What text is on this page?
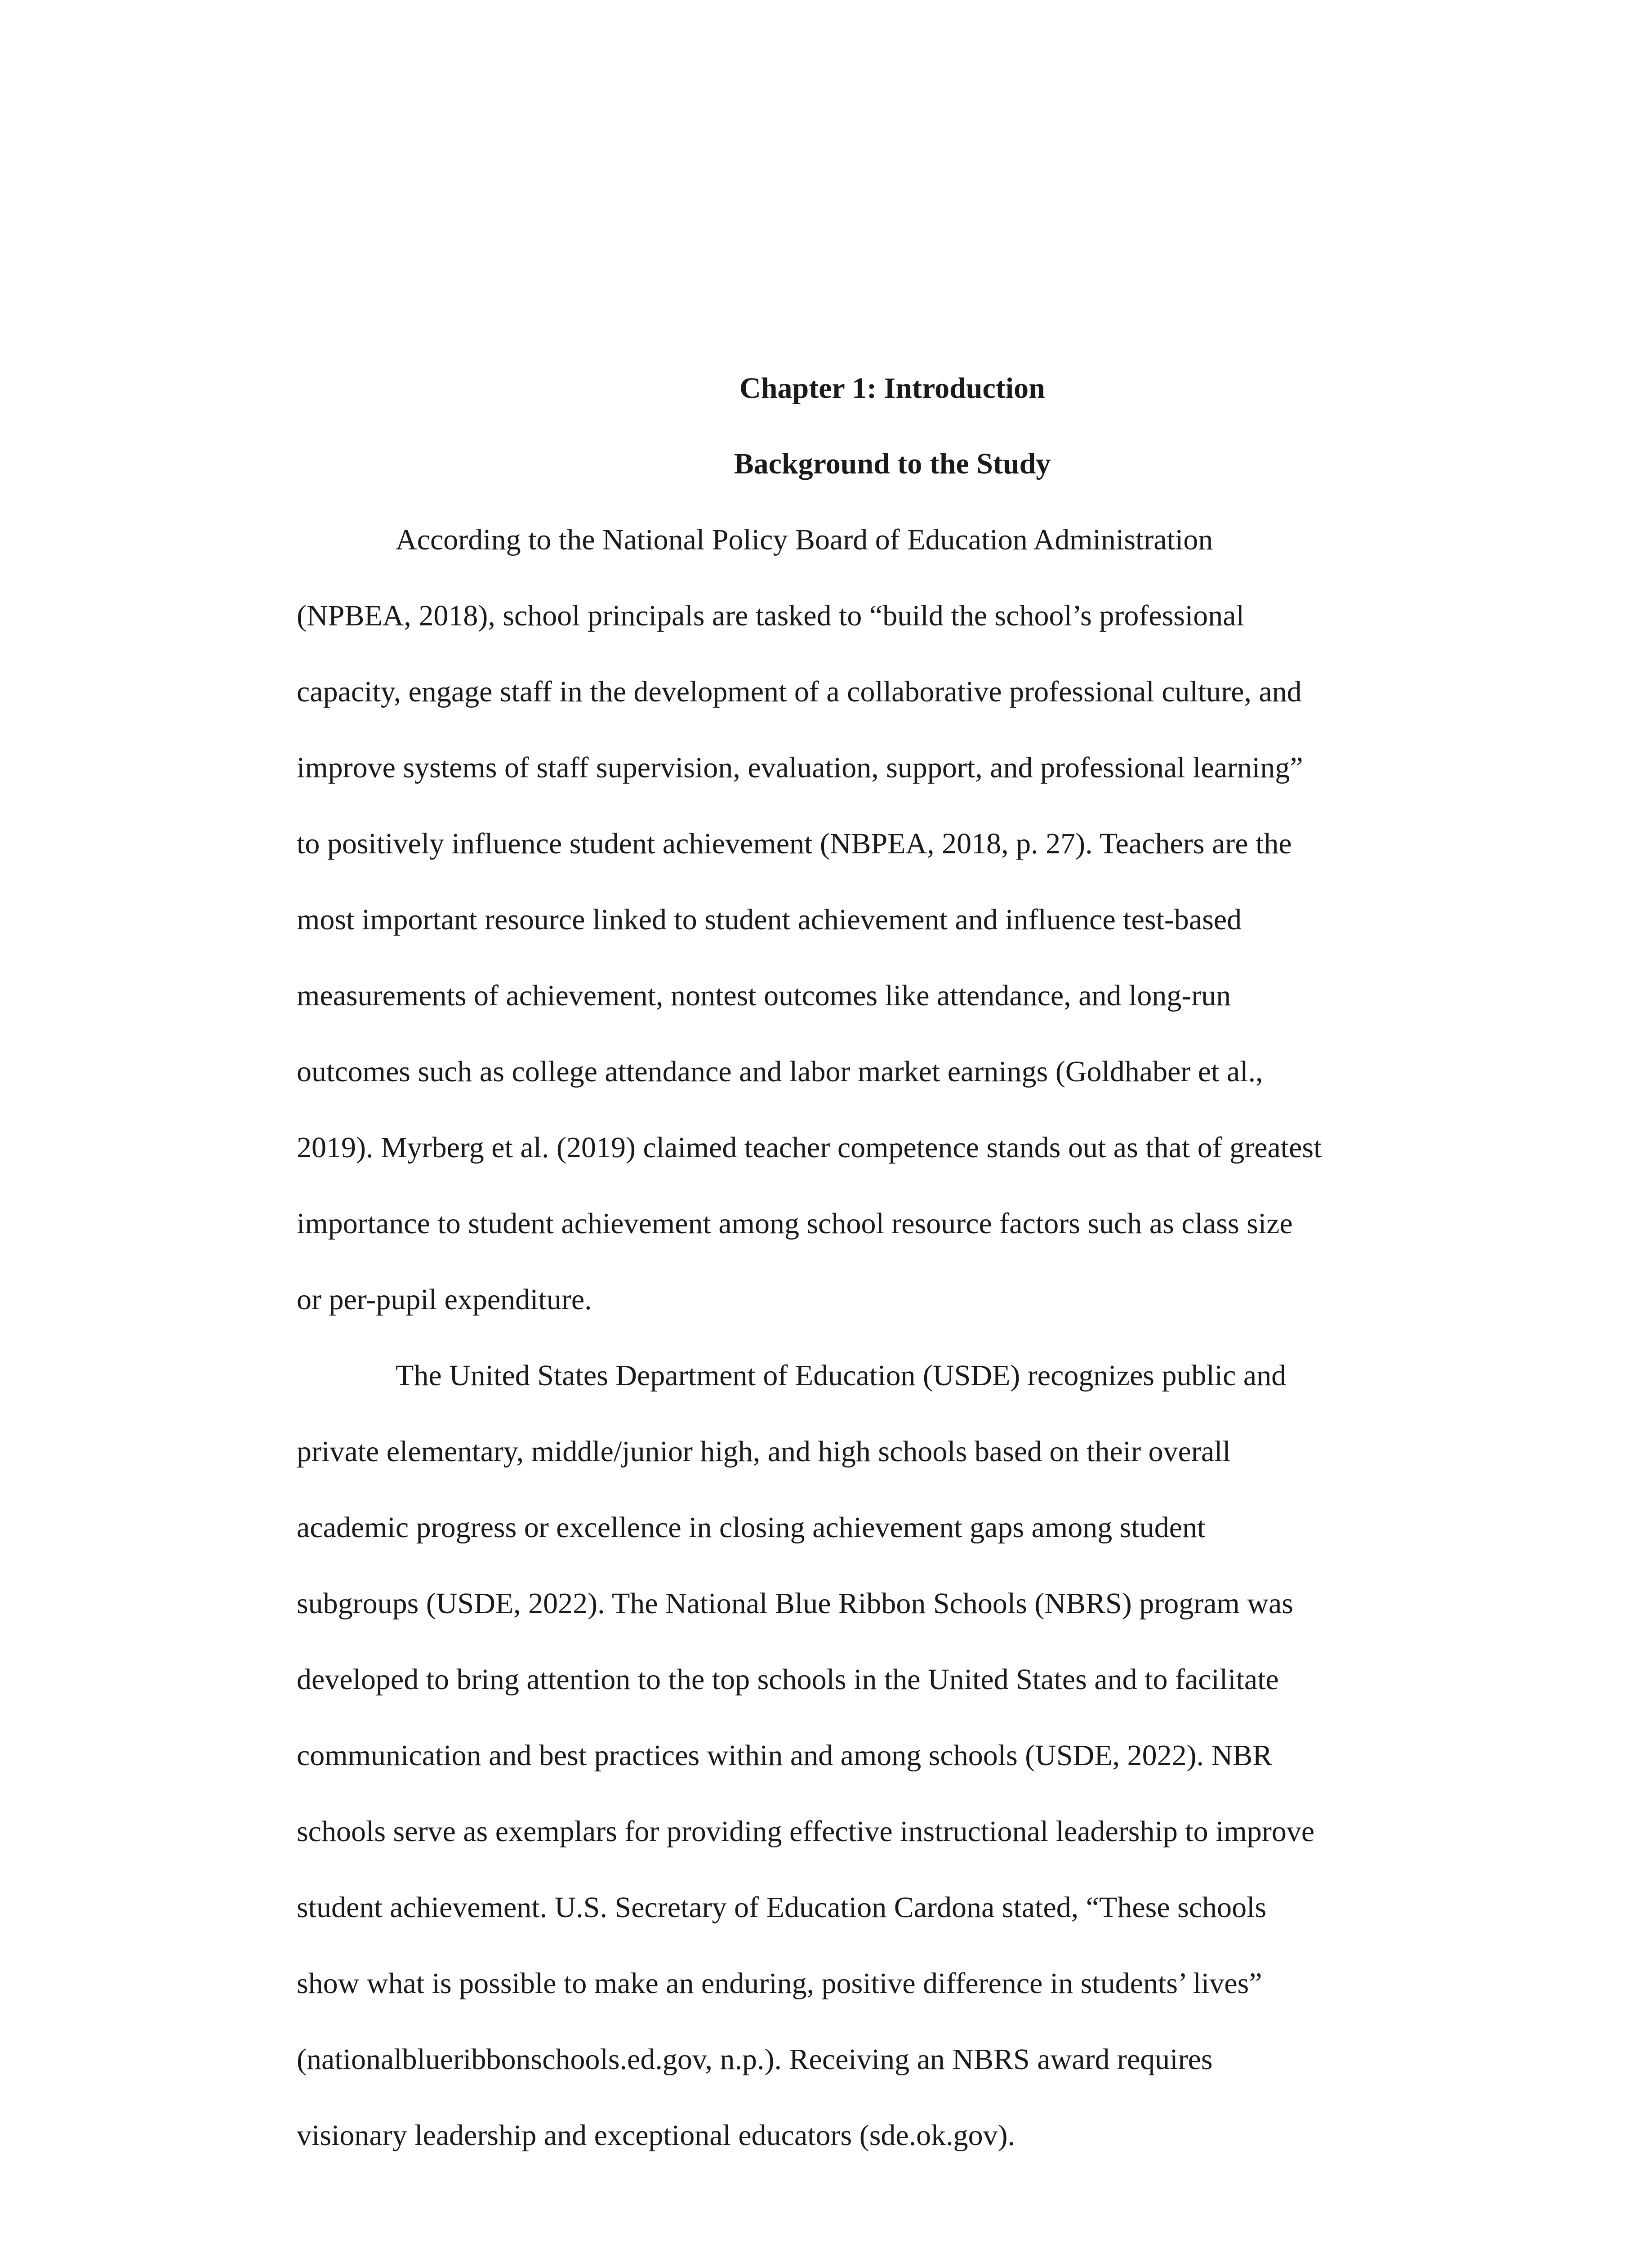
Chapter 1: Introduction
Background to the Study

According to the National Policy Board of Education Administration

(NPBEA, 2018), school principals are tasked to “build the school’s professional

capacity, engage staff in the development of a collaborative professional culture, and

improve systems of staff supervision, evaluation, support, and professional learning”

to positively influence student achievement (NBPEA, 2018, p. 27). Teachers are the

most important resource linked to student achievement and influence test-based

measurements of achievement, nontest outcomes like attendance, and long-run

outcomes such as college attendance and labor market earnings (Goldhaber et al.,

2019). Myrberg et al. (2019) claimed teacher competence stands out as that of greatest

importance to student achievement among school resource factors such as class size

or per-pupil expenditure.

The United States Department of Education (USDE) recognizes public and

private elementary, middle/junior high, and high schools based on their overall

academic progress or excellence in closing achievement gaps among student

subgroups (USDE, 2022). The National Blue Ribbon Schools (NBRS) program was

developed to bring attention to the top schools in the United States and to facilitate

communication and best practices within and among schools (USDE, 2022). NBR

schools serve as exemplars for providing effective instructional leadership to improve

student achievement. U.S. Secretary of Education Cardona stated, “These schools

show what is possible to make an enduring, positive difference in students’ lives”

(nationalblueribbonschools.ed.gov, n.p.). Receiving an NBRS award requires

visionary leadership and exceptional educators (sde.ok.gov).
